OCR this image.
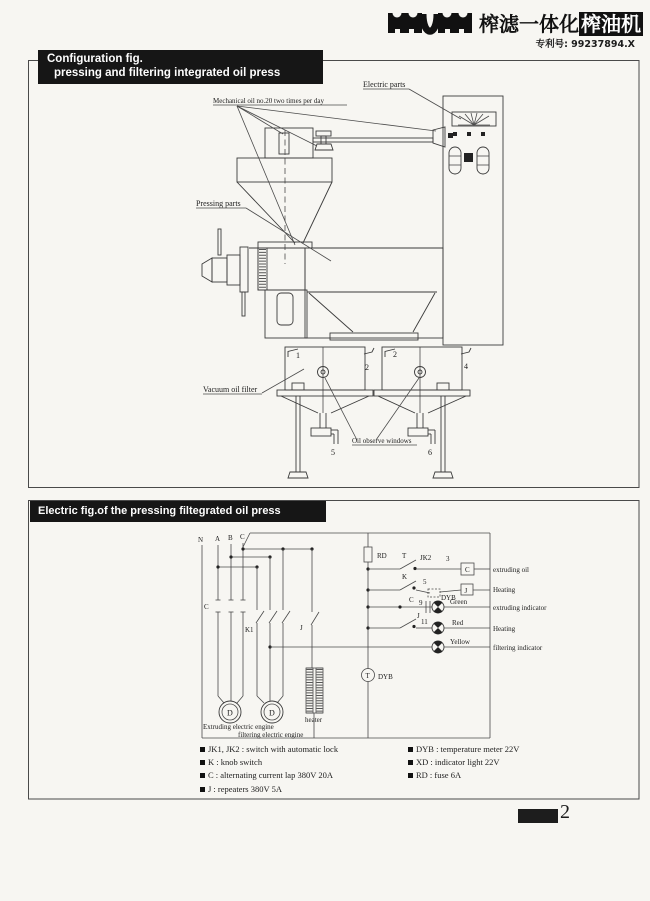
榨滤一体化 榨油机
专利号: 99237894.X
Configuration fig.
pressing and filtering integrated oil press
Electric parts
Mechanical oil no.20 two times per day
Pressing parts
Vacuum oil filter
Oil observe windows
1
2
2
4
5	6
Electric fig.of the pressing filtegrated oil press
N A B C
C
K1	J
heater
RD
T DYB
D	D
Extruding electric engine
filtering electric engine
T JK2 3
C	extruding oil
K
5
DYB
J	Heating
C 9	Green
extruding indicator
J
11	Red
Heating
Yellow
filtering indicator
JK1, JK2 : switch with automatic lock
K : knob switch
C : alternating current lap 380V 20A
J : repeaters 380V 5A
DYB : temperature meter 22V
XD : indicator light 22V
RD : fuse 6A
2
